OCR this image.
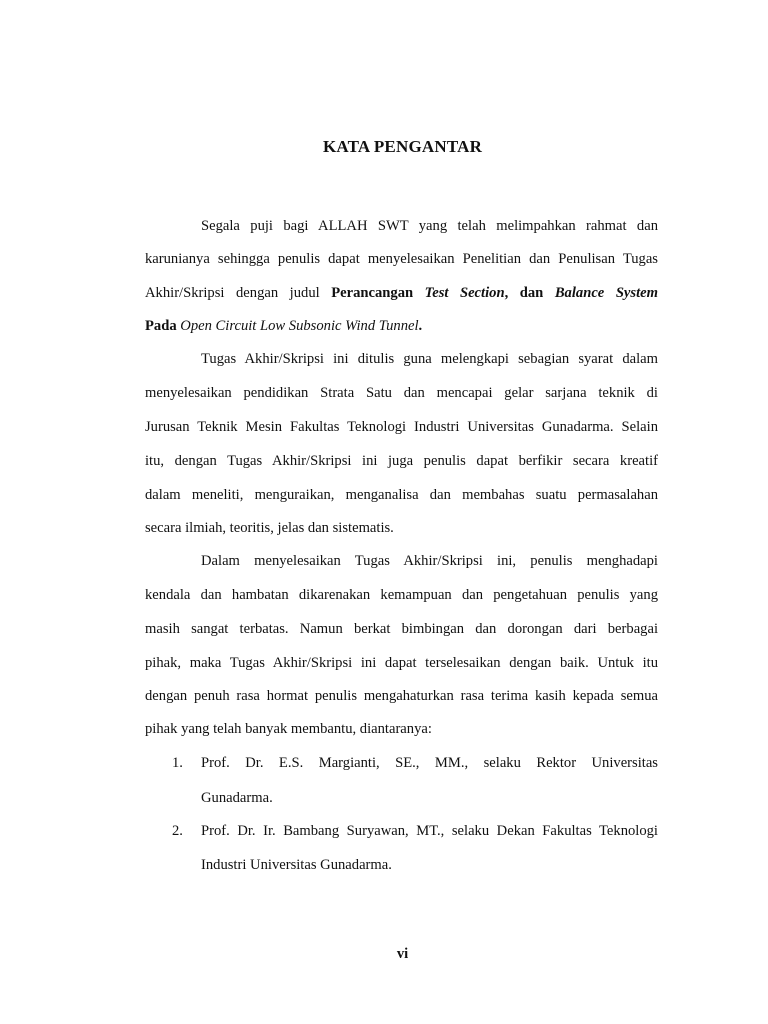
KATA PENGANTAR
Segala puji bagi ALLAH SWT yang telah melimpahkan rahmat dan
karunianya sehingga penulis dapat menyelesaikan Penelitian dan Penulisan Tugas
Akhir/Skripsi dengan judul Perancangan Test Section, dan Balance System
Pada Open Circuit Low Subsonic Wind Tunnel.
Tugas Akhir/Skripsi ini ditulis guna melengkapi sebagian syarat dalam
menyelesaikan pendidikan Strata Satu dan mencapai gelar sarjana teknik di
Jurusan Teknik Mesin Fakultas Teknologi Industri Universitas Gunadarma. Selain
itu, dengan Tugas Akhir/Skripsi ini juga penulis dapat berfikir secara kreatif
dalam meneliti, menguraikan, menganalisa dan membahas suatu permasalahan
secara ilmiah, teoritis, jelas dan sistematis.
Dalam menyelesaikan Tugas Akhir/Skripsi ini, penulis menghadapi
kendala dan hambatan dikarenakan kemampuan dan pengetahuan penulis yang
masih sangat terbatas. Namun berkat bimbingan dan dorongan dari berbagai
pihak, maka Tugas Akhir/Skripsi ini dapat terselesaikan dengan baik. Untuk itu
dengan penuh rasa hormat penulis mengahaturkan rasa terima kasih kepada semua
pihak yang telah banyak membantu, diantaranya:
1. Prof. Dr. E.S. Margianti, SE., MM., selaku Rektor Universitas
Gunadarma.
2. Prof. Dr. Ir. Bambang Suryawan, MT., selaku Dekan Fakultas Teknologi
Industri Universitas Gunadarma.
vi
